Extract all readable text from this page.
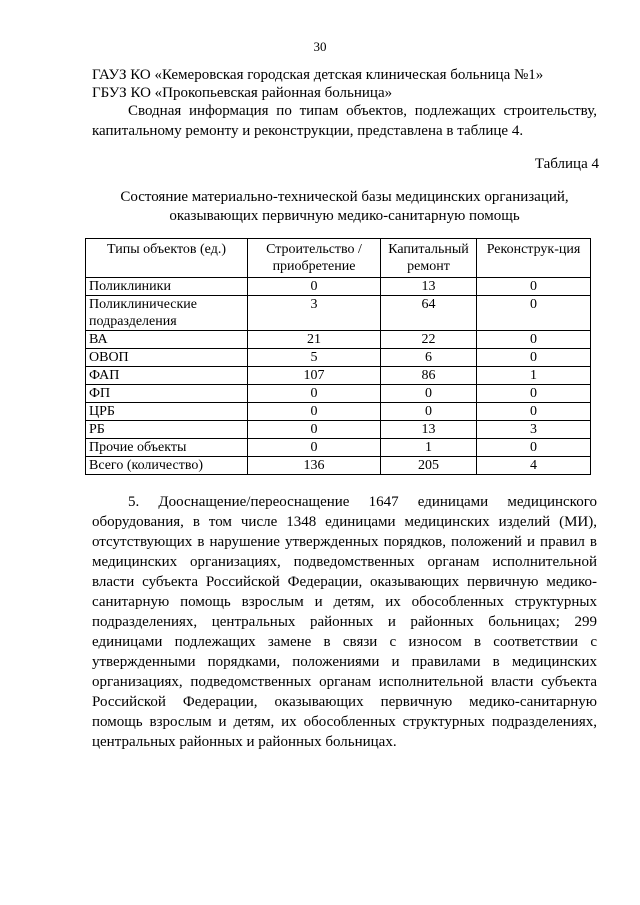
30
ГАУЗ КО «Кемеровская городская детская клиническая больница №1»
ГБУЗ КО «Прокопьевская районная больница»

Сводная информация по типам объектов, подлежащих строительству, капитальному ремонту и реконструкции, представлена в таблице 4.

Таблица 4

Состояние материально-технической базы медицинских организаций, оказывающих первичную медико-санитарную помощь

Типы объектов (ед.)	Строительство / приобретение	Капитальный ремонт	Реконструк-ция
Поликлиники	0	13	0
Поликлинические подразделения	3	64	0
ВА	21	22	0
ОВОП	5	6	0
ФАП	107	86	1
ФП	0	0	0
ЦРБ	0	0	0
РБ	0	13	3
Прочие объекты	0	1	0
Всего (количество)	136	205	4

5. Дооснащение/переоснащение 1647 единицами медицинского оборудования, в том числе 1348 единицами медицинских изделий (МИ), отсутствующих в нарушение утвержденных порядков, положений и правил в медицинских организациях, подведомственных органам исполнительной власти субъекта Российской Федерации, оказывающих первичную медико-санитарную помощь взрослым и детям, их обособленных структурных подразделениях, центральных районных и районных больницах; 299 единицами подлежащих замене в связи с износом в соответствии с утвержденными порядками, положениями и правилами в медицинских организациях, подведомственных органам исполнительной власти субъекта Российской Федерации, оказывающих первичную медико-санитарную помощь взрослым и детям, их обособленных структурных подразделениях, центральных районных и районных больницах.
